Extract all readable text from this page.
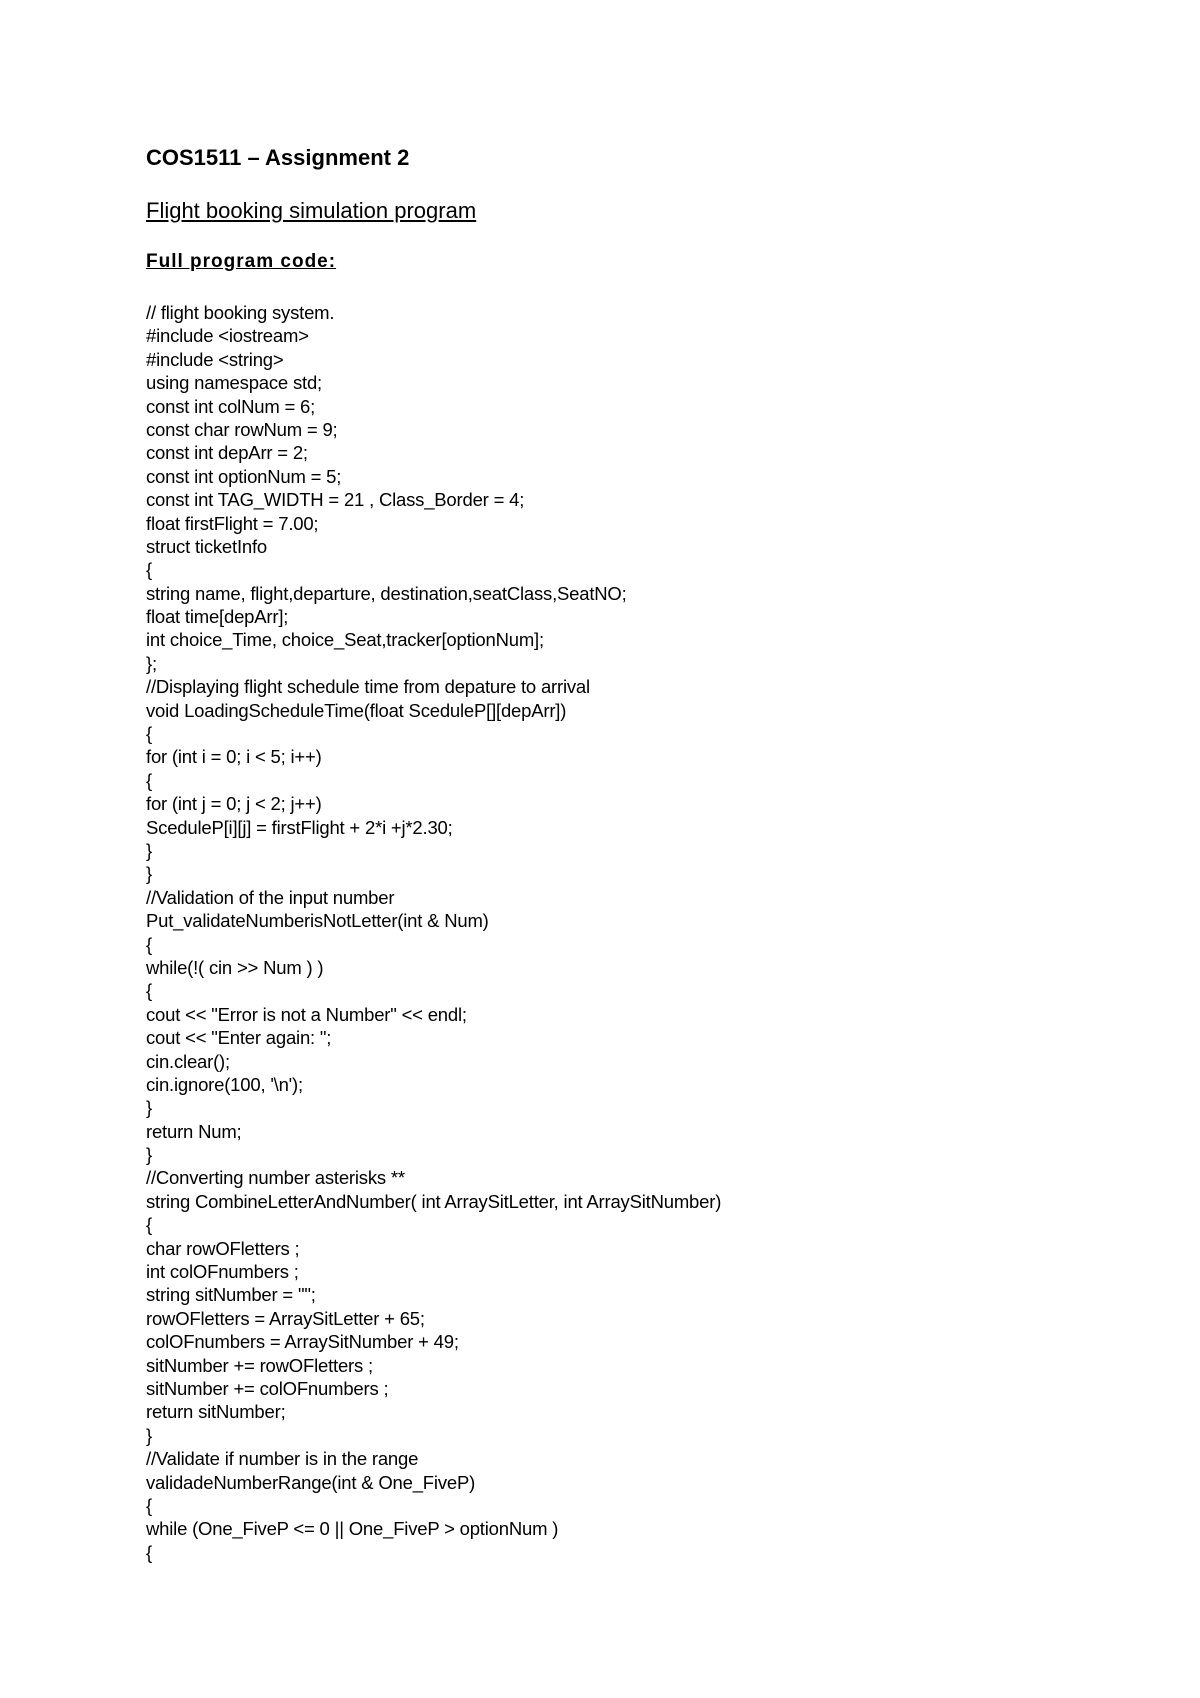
COS1511 – Assignment 2
Flight booking simulation program
Full program code:
// flight booking system.
#include <iostream>
#include <string>
using namespace std;
const int colNum = 6;
const char rowNum = 9;
const int depArr = 2;
const int optionNum = 5;
const int TAG_WIDTH = 21 , Class_Border = 4;
float firstFlight = 7.00;
struct ticketInfo
{
string name, flight,departure, destination,seatClass,SeatNO;
float time[depArr];
int choice_Time, choice_Seat,tracker[optionNum];
};
//Displaying flight schedule time from depature to arrival
void LoadingScheduleTime(float SceduleP[][depArr])
{
for (int i = 0; i < 5; i++)
{
for (int j = 0; j < 2; j++)
SceduleP[i][j] = firstFlight + 2*i +j*2.30;
}
}
//Validation of the input number
Put_validateNumberisNotLetter(int & Num)
{
while(!( cin >> Num ) )
{
cout << "Error is not a Number" << endl;
cout << "Enter again: ";
cin.clear();
cin.ignore(100, '\n');
}
return Num;
}
//Converting number asterisks **
string CombineLetterAndNumber( int ArraySitLetter, int ArraySitNumber)
{
char rowOFletters ;
int colOFnumbers ;
string sitNumber = "";
rowOFletters = ArraySitLetter + 65;
colOFnumbers = ArraySitNumber + 49;
sitNumber += rowOFletters ;
sitNumber += colOFnumbers ;
return sitNumber;
}
//Validate if number is in the range
validadeNumberRange(int & One_FiveP)
{
while (One_FiveP <= 0 || One_FiveP > optionNum )
{
